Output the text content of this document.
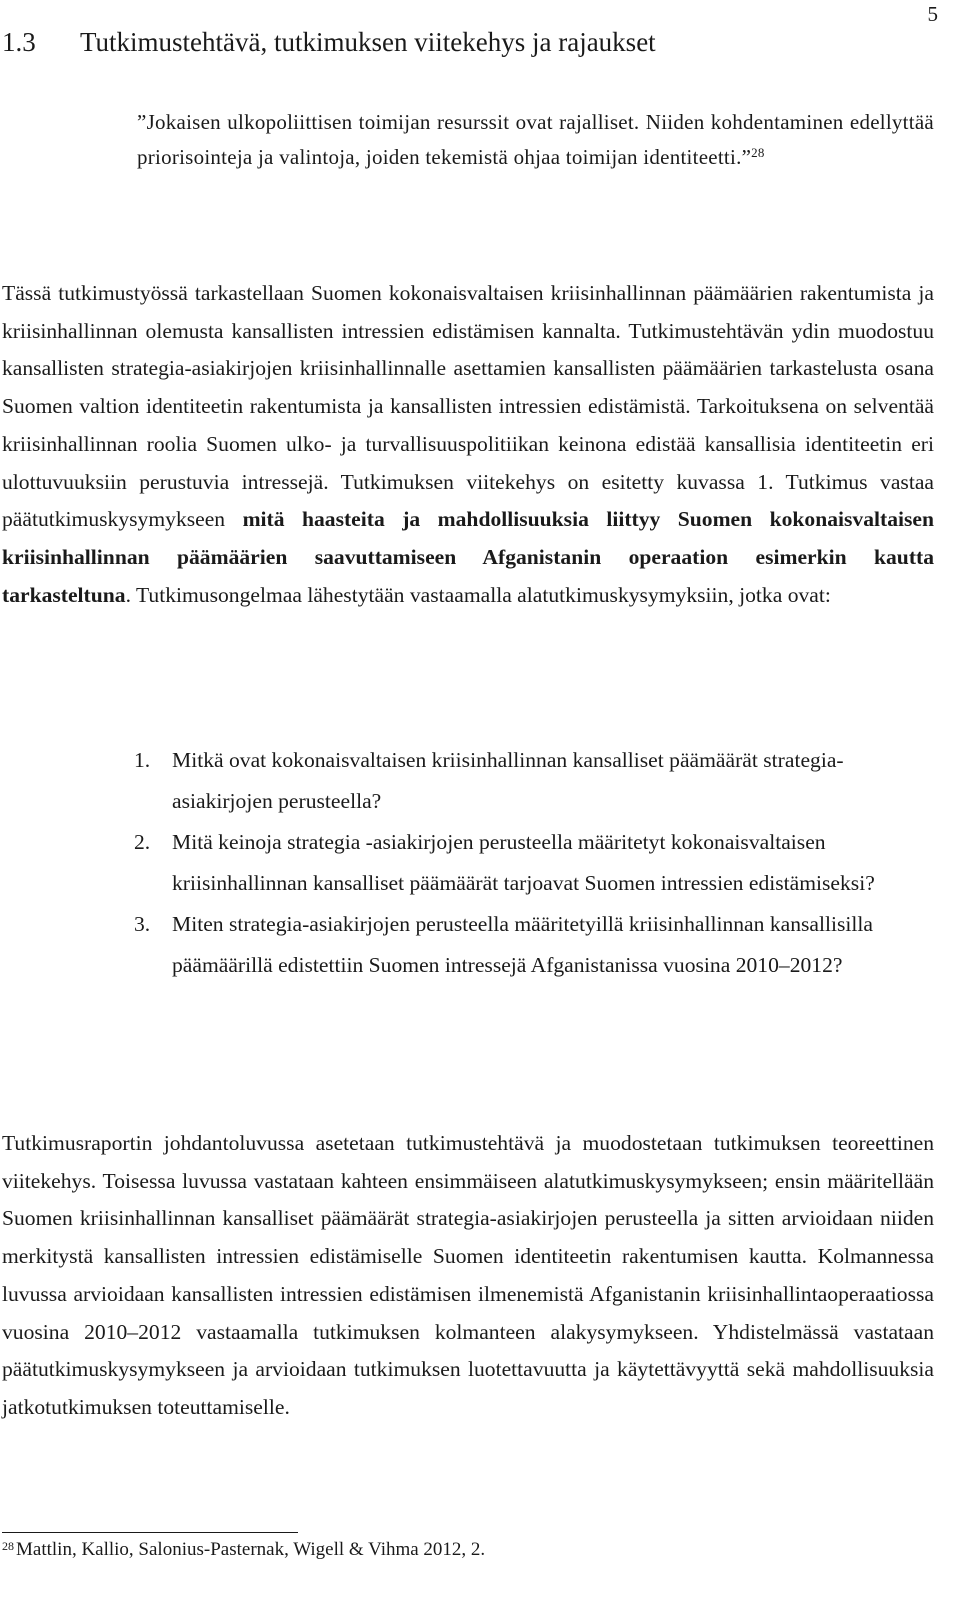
5
1.3 Tutkimustehtävä, tutkimuksen viitekehys ja rajaukset
”Jokaisen ulkopoliittisen toimijan resurssit ovat rajalliset. Niiden kohdentaminen edellyttää priorisointeja ja valintoja, joiden tekemistä ohjaa toimijan identiteetti.”$^{28}$
Tässä tutkimustyössä tarkastellaan Suomen kokonaisvaltaisen kriisinhallinnan päämäärien rakentumista ja kriisinhallinnan olemusta kansallisten intressien edistämisen kannalta. Tutkimustehtävän ydin muodostuu kansallisten strategia-asiakirjojen kriisinhallinnalle asettamien kansallisten päämäärien tarkastelusta osana Suomen valtion identiteetin rakentumista ja kansallisten intressien edistämistä. Tarkoituksena on selventää kriisinhallinnan roolia Suomen ulko- ja turvallisuuspolitiikan keinona edistää kansallisia identiteetin eri ulottuvuuksiin perustuvia intressejä. Tutkimuksen viitekehys on esitetty kuvassa 1. Tutkimus vastaa päätutkimuskysymykseen mitä haasteita ja mahdollisuuksia liittyy Suomen kokonaisvaltaisen kriisinhallinnan päämäärien saavuttamiseen Afganistanin operaation esimerkin kautta tarkasteltuna. Tutkimusongelmaa lähestytään vastaamalla alatutkimuskysymyksiin, jotka ovat:
1. Mitkä ovat kokonaisvaltaisen kriisinhallinnan kansalliset päämäärät strategia-asiakirjojen perusteella?
2. Mitä keinoja strategia -asiakirjojen perusteella määritetyt kokonaisvaltaisen kriisinhallinnan kansalliset päämäärät tarjoavat Suomen intressien edistämiseksi?
3. Miten strategia-asiakirjojen perusteella määritetyillä kriisinhallinnan kansallisilla päämäärillä edistettiin Suomen intressejä Afganistanissa vuosina 2010–2012?
Tutkimusraportin johdantoluvussa asetetaan tutkimustehtävä ja muodostetaan tutkimuksen teoreettinen viitekehys. Toisessa luvussa vastataan kahteen ensimmäiseen alatutkimuskysymykseen; ensin määritellään Suomen kriisinhallinnan kansalliset päämäärät strategia-asiakirjojen perusteella ja sitten arvioidaan niiden merkitystä kansallisten intressien edistämiselle Suomen identiteetin rakentumisen kautta. Kolmannessa luvussa arvioidaan kansallisten intressien edistämisen ilmenemistä Afganistanin kriisinhallintaoperaatiossa vuosina 2010–2012 vastaamalla tutkimuksen kolmanteen alakysymykseen. Yhdistelmässä vastataan päätutkimuskysymykseen ja arvioidaan tutkimuksen luotettavuutta ja käytettävyyttä sekä mahdollisuuksia jatkotutkimuksen toteuttamiselle.
$^{28}$ Mattlin, Kallio, Salonius-Pasternak, Wigell & Vihma 2012, 2.
